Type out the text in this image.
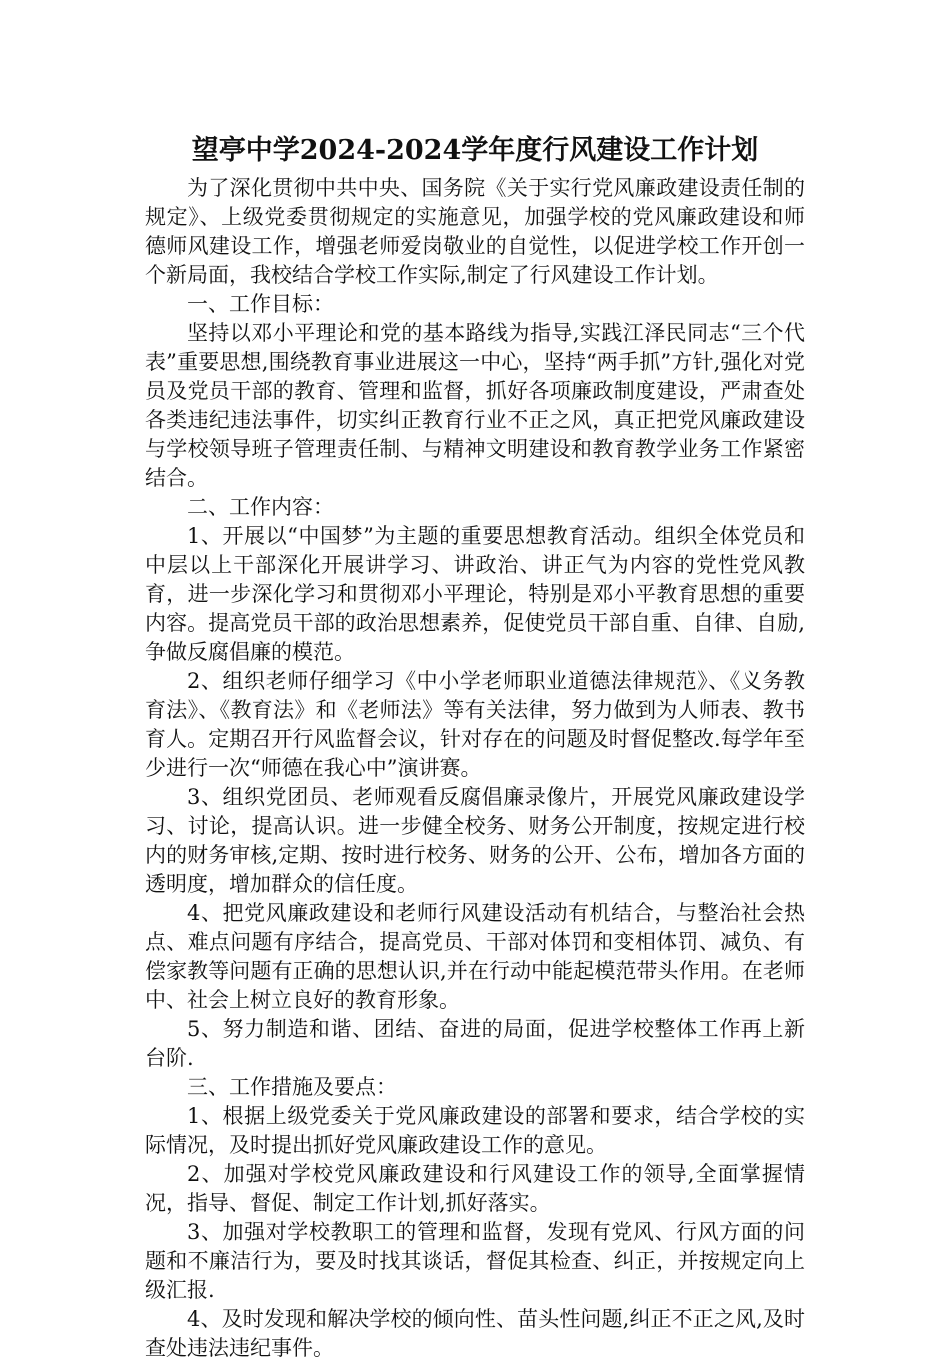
望亭中学2024-2024学年度行风建设工作计划

为了深化贯彻中共中央、国务院《关于实行党风廉政建设责任制的规定》、上级党委贯彻规定的实施意见，加强学校的党风廉政建设和师德师风建设工作，增强老师爱岗敬业的自觉性，以促进学校工作开创一个新局面，我校结合学校工作实际,制定了行风建设工作计划。

一、工作目标：

坚持以邓小平理论和党的基本路线为指导,实践江泽民同志“三个代表”重要思想,围绕教育事业进展这一中心，坚持“两手抓”方针,强化对党员及党员干部的教育、管理和监督，抓好各项廉政制度建设，严肃查处各类违纪违法事件，切实纠正教育行业不正之风，真正把党风廉政建设与学校领导班子管理责任制、与精神文明建设和教育教学业务工作紧密结合。

二、工作内容：

1、开展以“中国梦”为主题的重要思想教育活动。组织全体党员和中层以上干部深化开展讲学习、讲政治、讲正气为内容的党性党风教育，进一步深化学习和贯彻邓小平理论，特别是邓小平教育思想的重要内容。提高党员干部的政治思想素养，促使党员干部自重、自律、自励,争做反腐倡廉的模范。

2、组织老师仔细学习《中小学老师职业道德法律规范》、《义务教育法》、《教育法》和《老师法》等有关法律，努力做到为人师表、教书育人。定期召开行风监督会议，针对存在的问题及时督促整改.每学年至少进行一次“师德在我心中”演讲赛。

3、组织党团员、老师观看反腐倡廉录像片，开展党风廉政建设学习、讨论，提高认识。进一步健全校务、财务公开制度，按规定进行校内的财务审核,定期、按时进行校务、财务的公开、公布，增加各方面的透明度，增加群众的信任度。

4、把党风廉政建设和老师行风建设活动有机结合，与整治社会热点、难点问题有序结合，提高党员、干部对体罚和变相体罚、减负、有偿家教等问题有正确的思想认识,并在行动中能起模范带头作用。在老师中、社会上树立良好的教育形象。

5、努力制造和谐、团结、奋进的局面，促进学校整体工作再上新台阶.

三、工作措施及要点：

1、根据上级党委关于党风廉政建设的部署和要求，结合学校的实际情况，及时提出抓好党风廉政建设工作的意见。

2、加强对学校党风廉政建设和行风建设工作的领导,全面掌握情况，指导、督促、制定工作计划,抓好落实。

3、加强对学校教职工的管理和监督，发现有党风、行风方面的问题和不廉洁行为，要及时找其谈话，督促其检查、纠正，并按规定向上级汇报.

4、及时发现和解决学校的倾向性、苗头性问题,纠正不正之风,及时查处违法违纪事件。
